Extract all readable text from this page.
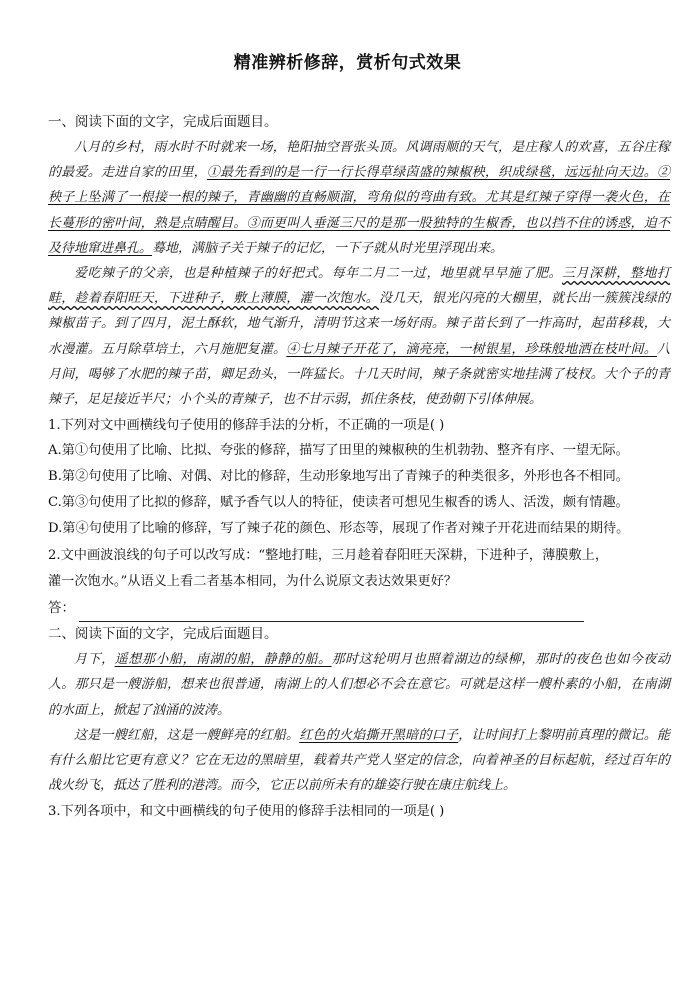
精准辨析修辞，赏析句式效果
一、阅读下面的文字，完成后面题目。
八月的乡村，雨水时不时就来一场，艳阳抽空晋张头顶。风调雨顺的天气，是庄稼人的欢喜，五谷庄稼的最爱。走进自家的田里，①最先看到的是一行一行长得草绿茵盛的辣椒秧，织成绿毯，远远扯向天边。②秧子上坠满了一根接一根的辣子，青幽幽的直畅顺溜，弯角似的弯曲有致。尤其是红辣子穿得一袭火色，在长蔓形的密叶间，熟是点睛醒目。③而更叫人垂涎三尺的是那一股独特的生椒香，也以挡不住的诱惑，迫不及待地窜进鼻孔。蓦地，满脑子关于辣子的记忆，一下子就从时光里浮现出来。
爱吃辣子的父亲，也是种植辣子的好把式。每年二月二一过，地里就早早施了肥。三月深耕，整地打畦，趁着春阳旺天，下进种子，敷上薄膜，灌一次饱水。没几天，银光闪亮的大棚里，就长出一簇簇浅绿的辣椒苗子。到了四月，泥土酥软，地气渐升，清明节这来一场好雨。辣子苗长到了一拃高时，起苗移栽，大水漫灌。五月除草培土，六月施肥复灌。④七月辣子开花了，滴亮亮，一树银星，珍珠般地洒在枝叶间。八月间，喝够了水肥的辣子苗，卿足劲头，一阵猛长。十几天时间，辣子条就密实地挂满了枝杈。大个子的青辣子，足足接近半尺；小个头的青辣子，也不甘示弱，抓住条枝，使劲朝下引体伸展。
1.下列对文中画横线句子使用的修辞手法的分析，不正确的一项是( )
A.第①句使用了比喻、比拟、夸张的修辞，描写了田里的辣椒秧的生机勃勃、整齐有序、一望无际。
B.第②句使用了比喻、对偶、对比的修辞，生动形象地写出了青辣子的种类很多，外形也各不相同。
C.第③句使用了比拟的修辞，赋予香气以人的特征，使读者可想见生椒香的诱人、活泼，颇有情趣。
D.第④句使用了比喻的修辞，写了辣子花的颜色、形态等，展现了作者对辣子开花进而结果的期待。
2.文中画波浪线的句子可以改写成：“整地打畦，三月趁着春阳旺天深耕，下进种子，薄膜敷上，
灌一次饱水。”从语义上看二者基本相同，为什么说原文表达效果更好？
答：
二、阅读下面的文字，完成后面题目。
月下，遥想那小船，南湖的船，静静的船。那时这轮明月也照着湖边的绿柳，那时的夜色也如今夜动人。那只是一艘游船，想来也很普通，南湖上的人们想必不会在意它。可就是这样一艘朴素的小船，在南湖的水面上，掀起了汹涌的波涛。
这是一艘红船，这是一艘鲜亮的红船。红色的火焰撕开黑暗的口子，让时间打上黎明前真理的微记。能有什么船比它更有意义？它在无边的黑暗里，载着共产党人坚定的信念，向着神圣的目标起航，经过百年的战火纷飞，抵达了胜利的港湾。而今，它正以前所未有的雄姿行驶在康庄航线上。
3.下列各项中，和文中画横线的句子使用的修辞手法相同的一项是( )
